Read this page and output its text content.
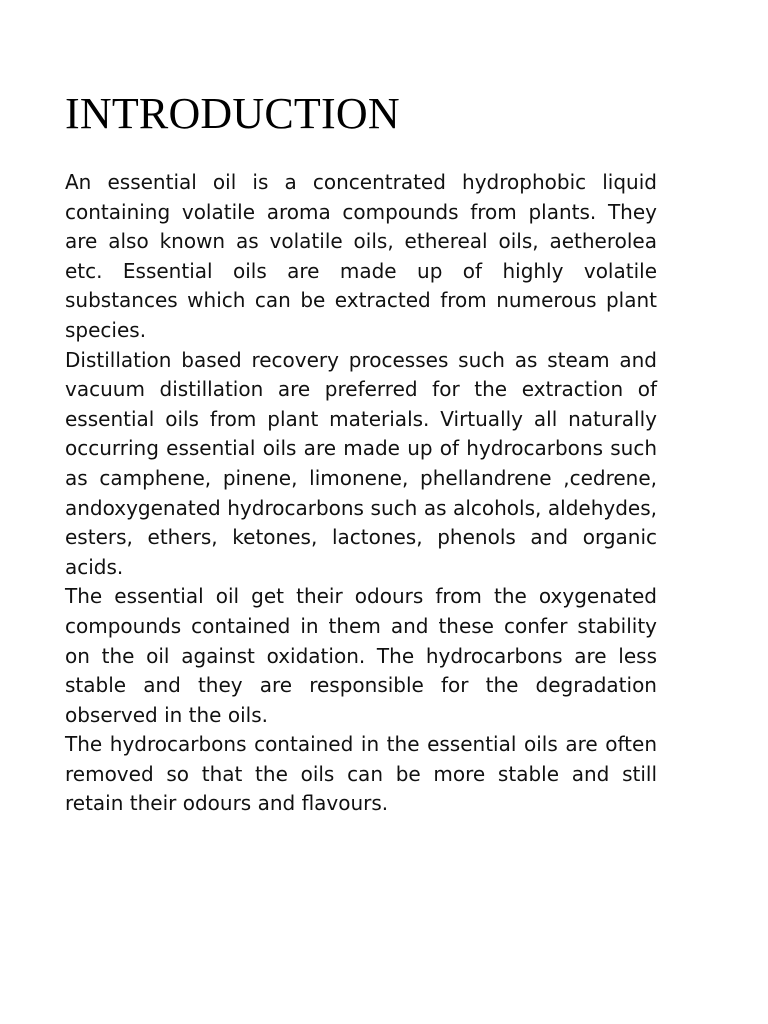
INTRODUCTION

An essential oil is a concentrated hydrophobic liquid containing volatile aroma compounds from plants. They are also known as volatile oils, ethereal oils, aetherolea etc. Essential oils are made up of highly volatile substances which can be extracted from numerous plant species.

Distillation based recovery processes such as steam and vacuum distillation are preferred for the extraction of essential oils from plant materials. Virtually all naturally occurring essential oils are made up of hydrocarbons such as camphene, pinene, limonene, phellandrene ,cedrene, andoxygenated hydrocarbons such as alcohols, aldehydes, esters, ethers, ketones, lactones, phenols and organic acids.

The essential oil get their odours from the oxygenated compounds contained in them and these confer stability on the oil against oxidation. The hydrocarbons are less stable and they are responsible for the degradation observed in the oils.

The hydrocarbons contained in the essential oils are often removed so that the oils can be more stable and still retain their odours and flavours.
